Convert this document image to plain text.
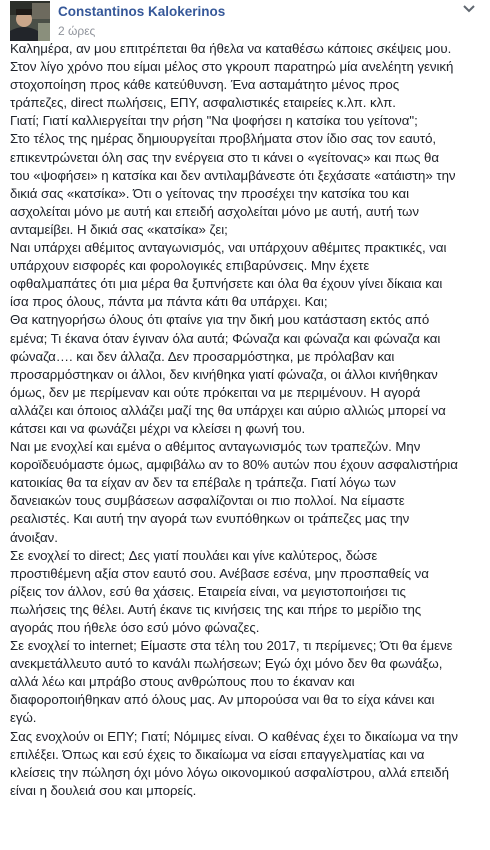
Constantinos Kalokerinos
2 ώρες
Καλημέρα, αν μου επιτρέπεται θα ήθελα να καταθέσω κάποιες σκέψεις μου.
Στον λίγο χρόνο που είμαι μέλος στο γκρουπ παρατηρώ μία ανελέητη γενική
στοχοποίηση προς κάθε κατεύθυνση. Ένα ασταμάτητο μένος προς
τράπεζες, direct πωλήσεις, ΕΠΥ, ασφαλιστικές εταιρείες κ.λπ. κλπ.
Γιατί; Γιατί καλλιεργείται την ρήση "Να ψοφήσει η κατσίκα του γείτονα";
Στο τέλος της ημέρας δημιουργείται προβλήματα στον ίδιο σας τον εαυτό,
επικεντρώνεται όλη σας την ενέργεια στο τι κάνει ο «γείτονας» και πως θα
του «ψοφήσει» η κατσίκα και δεν αντιλαμβάνεστε ότι ξεχάσατε «ατάιστη» την
δικιά σας «κατσίκα». Ότι ο γείτονας την προσέχει την κατσίκα του και
ασχολείται μόνο με αυτή και επειδή ασχολείται μόνο με αυτή, αυτή των
ανταμείβει. Η δικιά σας «κατσίκα» ζει;
Ναι υπάρχει αθέμιτος ανταγωνισμός, ναι υπάρχουν αθέμιτες πρακτικές, ναι
υπάρχουν εισφορές και φορολογικές επιβαρύνσεις. Μην έχετε
οφθαλμαπάτες ότι μια μέρα θα ξυπνήσετε και όλα θα έχουν γίνει δίκαια και
ίσα προς όλους, πάντα μα πάντα κάτι θα υπάρχει. Και;
Θα κατηγορήσω όλους ότι φταίνε για την δική μου κατάσταση εκτός από
εμένα; Τι έκανα όταν έγιναν όλα αυτά; Φώναζα και φώναζα και φώναζα και
φώναζα…. και δεν άλλαζα. Δεν προσαρμόστηκα, με πρόλαβαν και
προσαρμόστηκαν οι άλλοι, δεν κινήθηκα γιατί φώναζα, οι άλλοι κινήθηκαν
όμως, δεν με περίμεναν και ούτε πρόκειται να με περιμένουν. Η αγορά
αλλάζει και όποιος αλλάζει μαζί της θα υπάρχει και αύριο αλλιώς μπορεί να
κάτσει και να φωνάζει μέχρι να κλείσει η φωνή του.
Ναι με ενοχλεί και εμένα ο αθέμιτος ανταγωνισμός των τραπεζών. Μην
κοροϊδευόμαστε όμως, αμφιβάλω αν το 80% αυτών που έχουν ασφαλιστήρια
κατοικίας θα τα είχαν αν δεν τα επέβαλε η τράπεζα. Γιατί λόγω των
δανειακών τους συμβάσεων ασφαλίζονται οι πιο πολλοί. Να είμαστε
ρεαλιστές. Και αυτή την αγορά των ενυπόθηκων οι τράπεζες μας την
άνοιξαν.
Σε ενοχλεί το direct; Δες γιατί πουλάει και γίνε καλύτερος, δώσε
προστιθέμενη αξία στον εαυτό σου. Ανέβασε εσένα, μην προσπαθείς να
ρίξεις τον άλλον, εσύ θα χάσεις. Εταιρεία είναι, να μεγιστοποιήσει τις
πωλήσεις της θέλει. Αυτή έκανε τις κινήσεις της και πήρε το μερίδιο της
αγοράς που ήθελε όσο εσύ μόνο φώναζες.
Σε ενοχλεί το internet; Είμαστε στα τέλη του 2017, τι περίμενες; Ότι θα έμενε
ανεκμετάλλευτο αυτό το κανάλι πωλήσεων; Εγώ όχι μόνο δεν θα φωνάξω,
αλλά λέω και μπράβο στους ανθρώπους που το έκαναν και
διαφοροποιήθηκαν από όλους μας. Αν μπορούσα ναι θα το είχα κάνει και
εγώ.
Σας ενοχλούν οι ΕΠΥ; Γιατί; Νόμιμες είναι. Ο καθένας έχει το δικαίωμα να την
επιλέξει. Όπως και εσύ έχεις το δικαίωμα να είσαι επαγγελματίας και να
κλείσεις την πώληση όχι μόνο λόγω οικονομικού ασφαλίστρου, αλλά επειδή
είναι η δουλειά σου και μπορείς.
